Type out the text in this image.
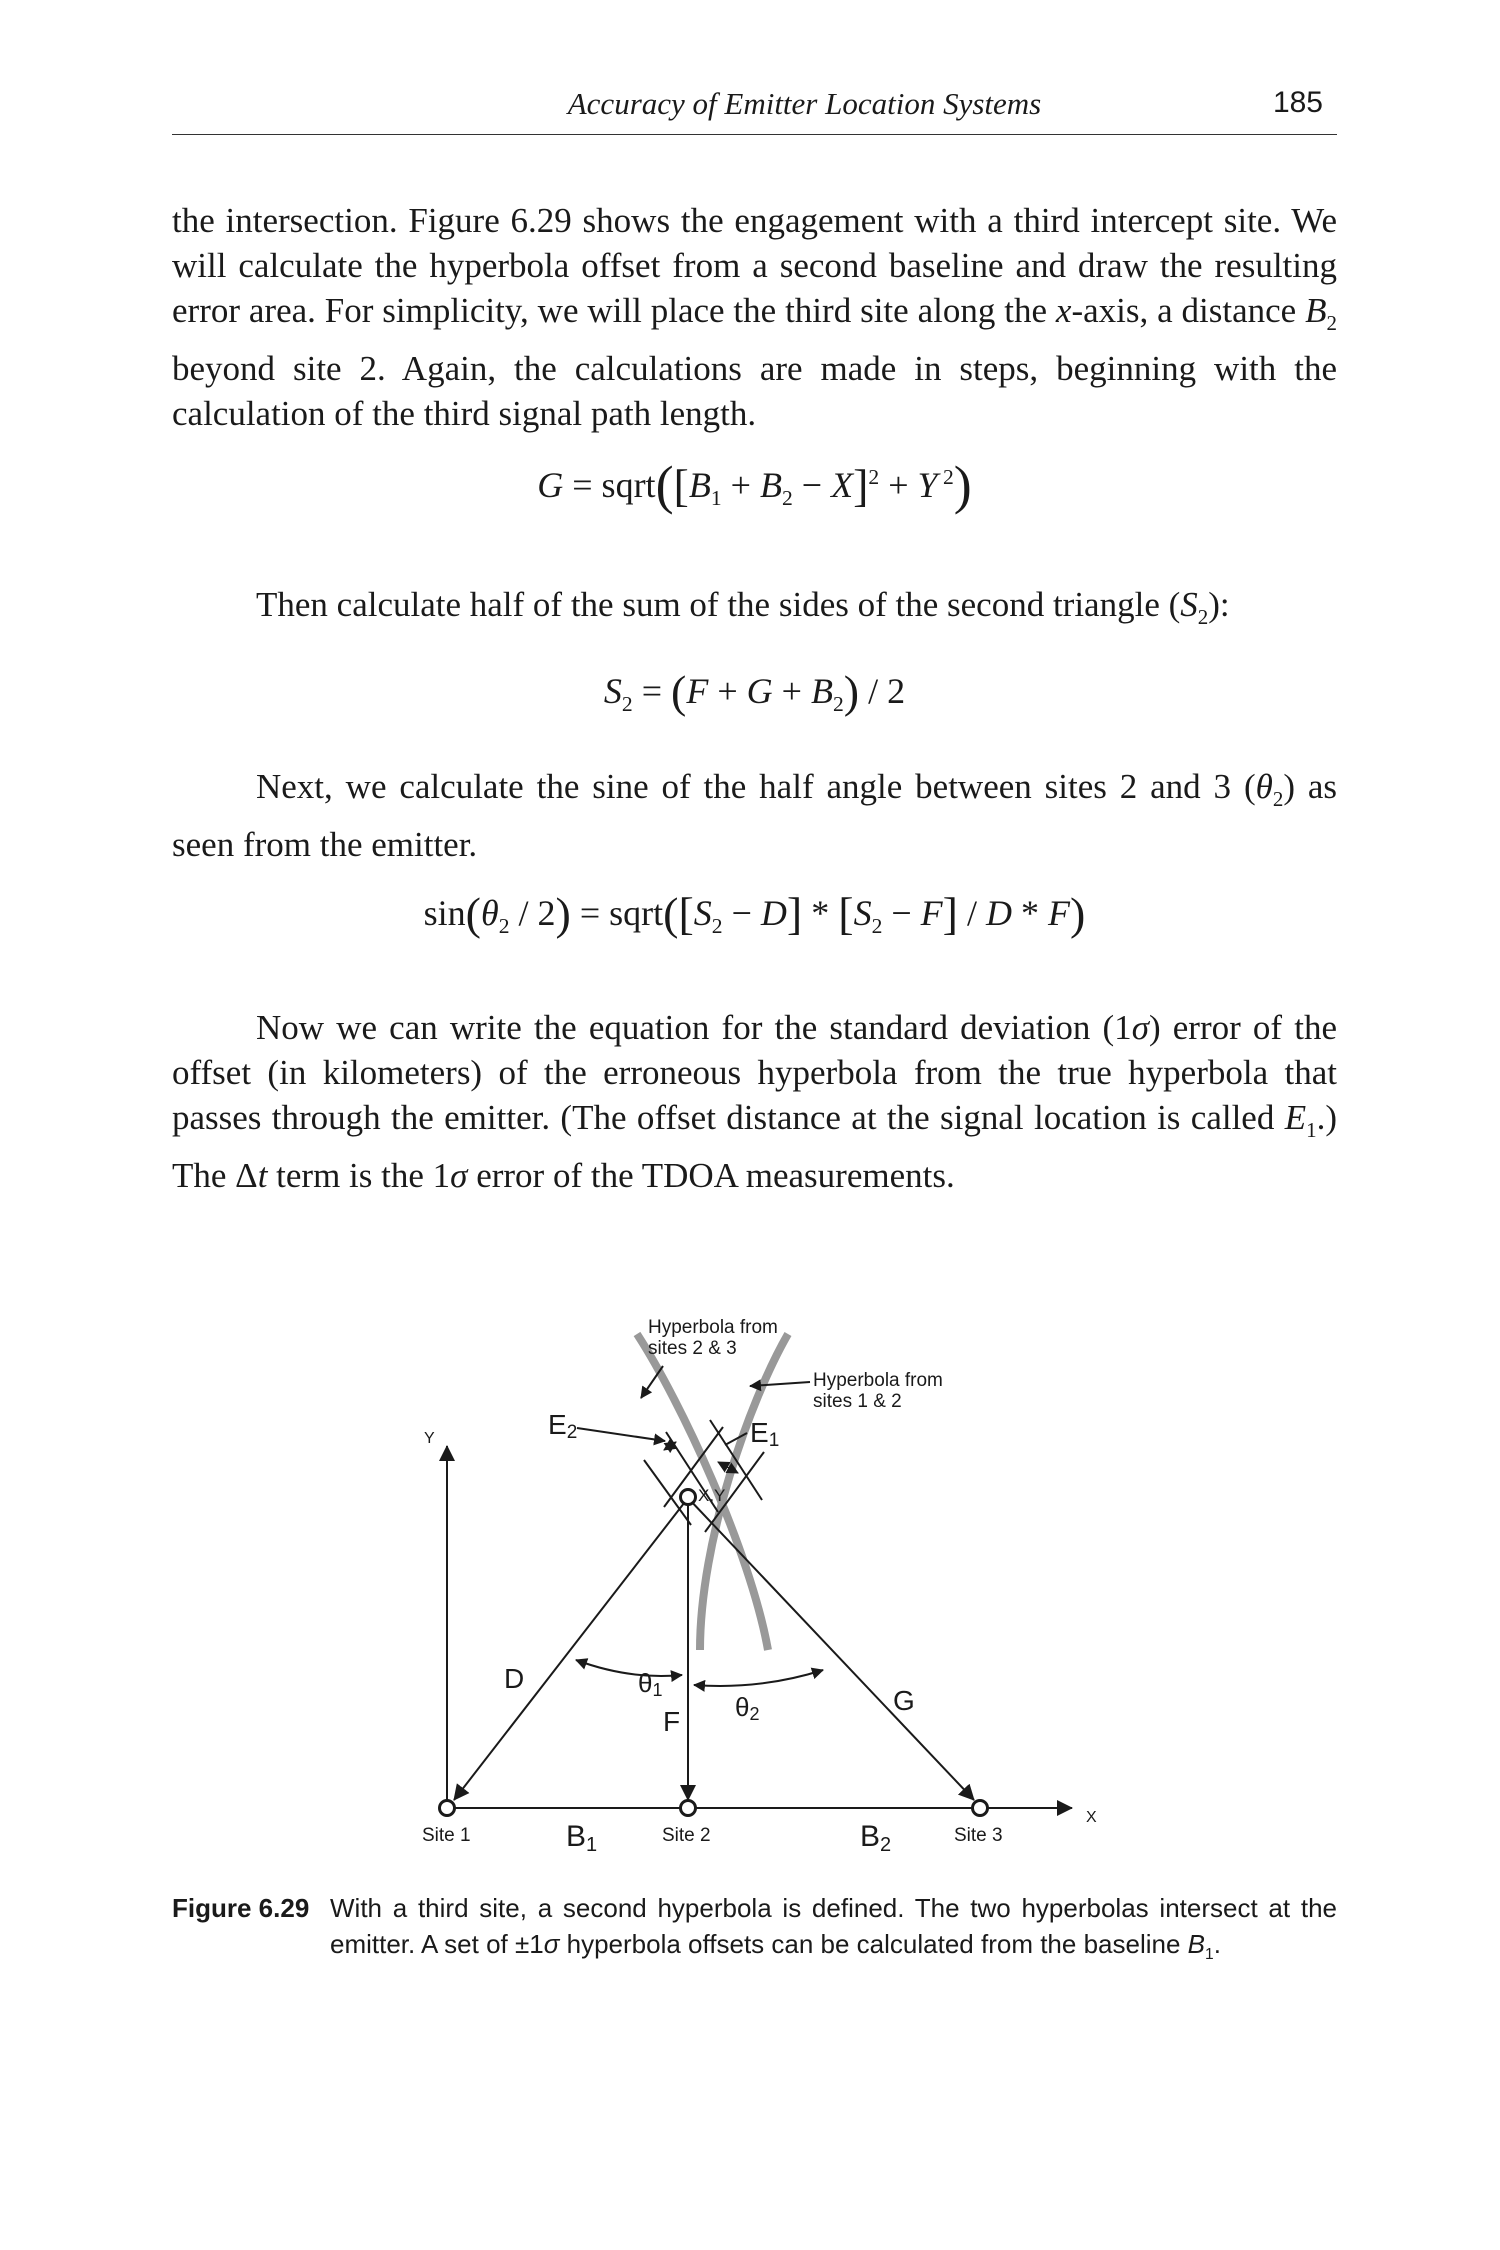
Accuracy of Emitter Location Systems	185

the intersection. Figure 6.29 shows the engagement with a third intercept site. We will calculate the hyperbola offset from a second baseline and draw the resulting error area. For simplicity, we will place the third site along the x-axis, a distance $B_2$ beyond site 2. Again, the calculations are made in steps, beginning with the calculation of the third signal path length.

$G = sqrt([B_1 + B_2 - X]^2 + Y$ $^2$)

Then calculate half of the sum of the sides of the second triangle $(S_2)$:

$S_2 = (F + G + B_2) / 2$

Next, we calculate the sine of the half angle between sites 2 and 3 $(\theta_2)$ as seen from the emitter.

$\sin(\theta_2 / 2)$ = $sqrt([S_2 - D] * [S_2 - F] / D * F)$

Now we can write the equation for the standard deviation (1σ) error of the offset (in kilometers) of the erroneous hyperbola from the true hyperbola that passes through the emitter. (The offset distance at the signal location is called $E_1$.) The Δt term is the 1σ error of the TDOA measurements.

Hyperbola from
sites 2 & 3
Hyperbola from
sites 1 & 2
E2	E1
Y
X
X,Y
D	θ1
F θ2	G
Site 1	Site 2	Site 3
B1	B2
Figure 6.29 With a third site, a second hyperbola is defined. The two hyperbolas intersect at the emitter. A set of ±1σ hyperbola offsets can be calculated from the baseline $B_1$.
